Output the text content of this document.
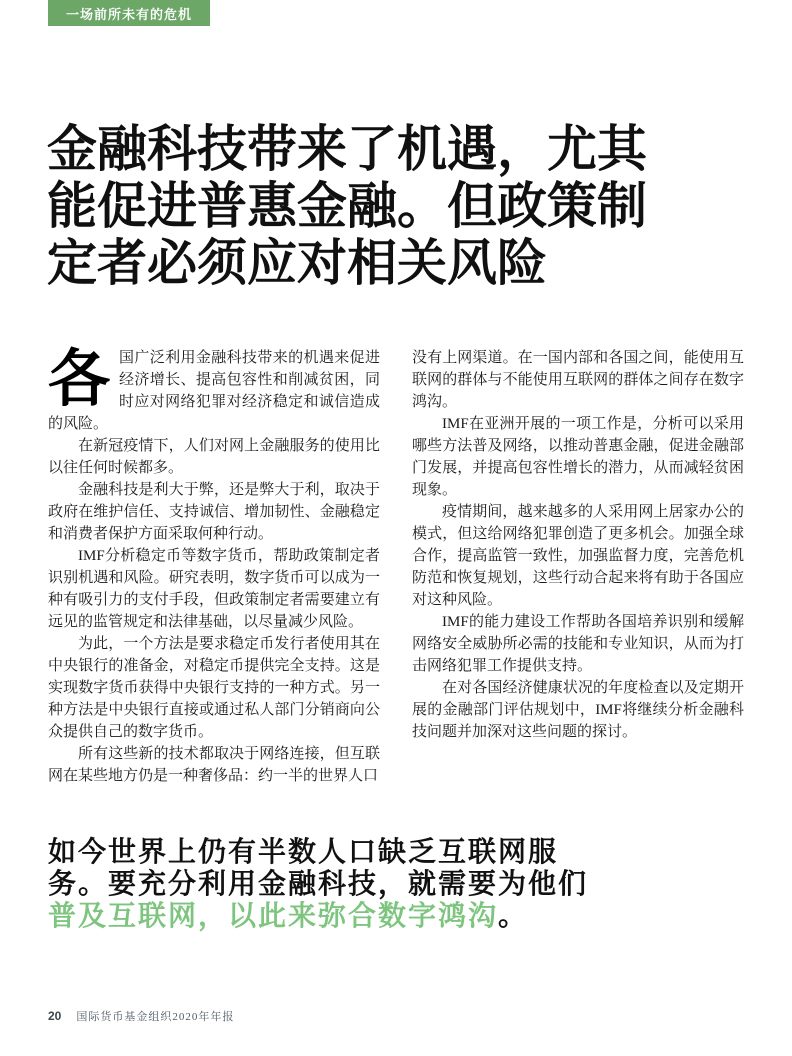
一场前所未有的危机
金融科技带来了机遇，尤其
能促进普惠金融。但政策制
定者必须应对相关风险

各国广泛利用金融科技带来的机遇来促进经济增长、提高包容性和削减贫困，同时应对网络犯罪对经济稳定和诚信造成的风险。

在新冠疫情下，人们对网上金融服务的使用比以往任何时候都多。

金融科技是利大于弊，还是弊大于利，取决于政府在维护信任、支持诚信、增加韧性、金融稳定和消费者保护方面采取何种行动。

IMF分析稳定币等数字货币，帮助政策制定者识别机遇和风险。研究表明，数字货币可以成为一种有吸引力的支付手段，但政策制定者需要建立有远见的监管规定和法律基础，以尽量减少风险。

为此，一个方法是要求稳定币发行者使用其在中央银行的准备金，对稳定币提供完全支持。这是实现数字货币获得中央银行支持的一种方式。另一种方法是中央银行直接或通过私人部门分销商向公众提供自己的数字货币。

所有这些新的技术都取决于网络连接，但互联网在某些地方仍是一种奢侈品：约一半的世界人口

没有上网渠道。在一国内部和各国之间，能使用互联网的群体与不能使用互联网的群体之间存在数字鸿沟。

IMF在亚洲开展的一项工作是，分析可以采用哪些方法普及网络，以推动普惠金融，促进金融部门发展，并提高包容性增长的潜力，从而减轻贫困现象。

疫情期间，越来越多的人采用网上居家办公的模式，但这给网络犯罪创造了更多机会。加强全球合作，提高监管一致性，加强监督力度，完善危机防范和恢复规划，这些行动合起来将有助于各国应对这种风险。

IMF的能力建设工作帮助各国培养识别和缓解网络安全威胁所必需的技能和专业知识，从而为打击网络犯罪工作提供支持。

在对各国经济健康状况的年度检查以及定期开展的金融部门评估规划中，IMF将继续分析金融科技问题并加深对这些问题的探讨。

如今世界上仍有半数人口缺乏互联网服
务。要充分利用金融科技，就需要为他们
普及互联网，以此来弥合数字鸿沟。
20 国际货币基金组织2020年年报
